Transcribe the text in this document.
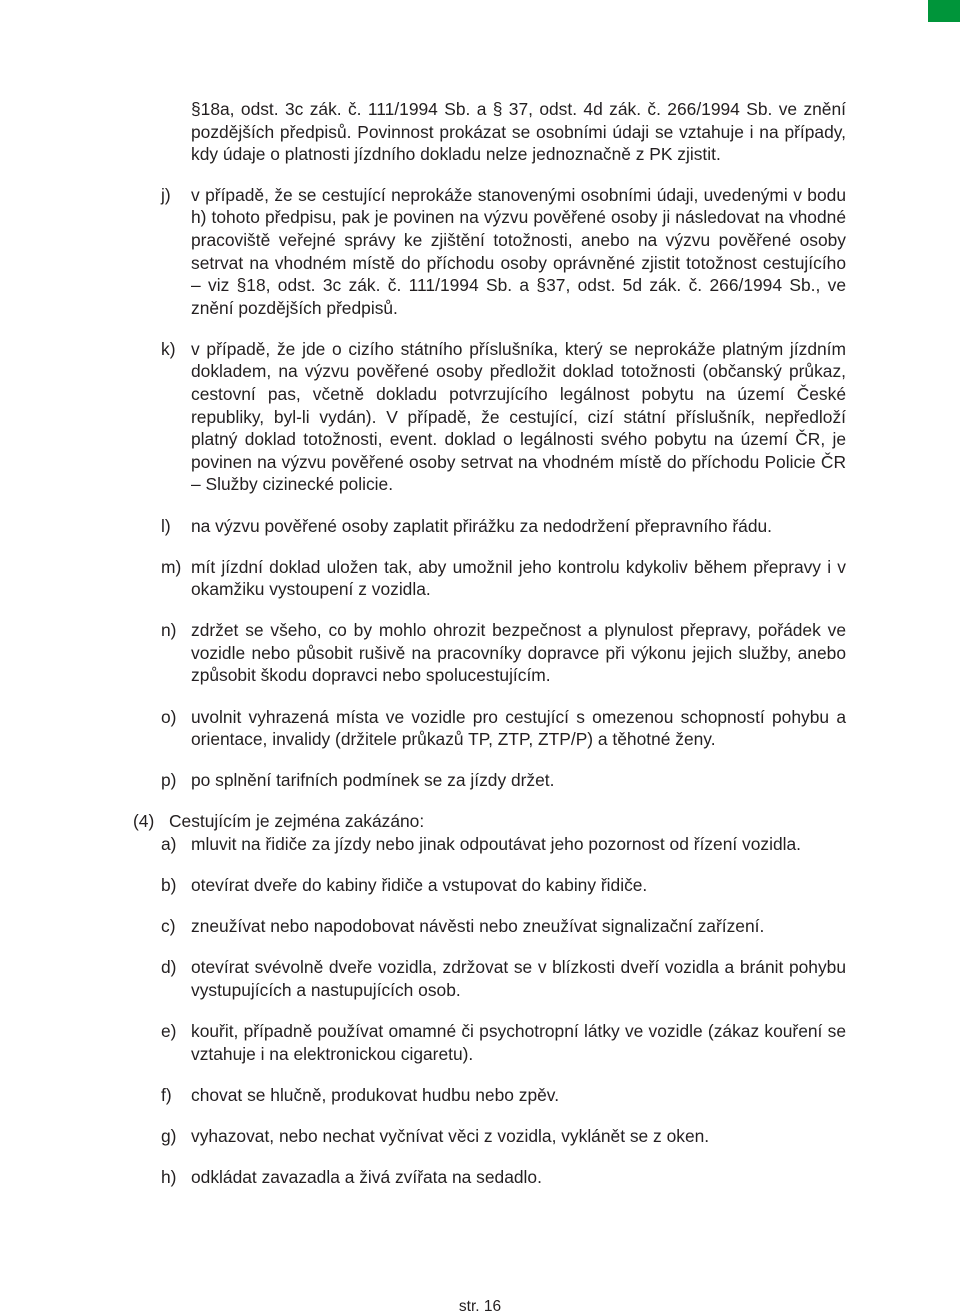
§18a, odst. 3c zák. č. 111/1994 Sb. a § 37, odst. 4d zák. č. 266/1994 Sb. ve znění pozdějších předpisů. Povinnost prokázat se osobními údaji se vztahuje i na případy, kdy údaje o platnosti jízdního dokladu nelze jednoznačně z PK zjistit.

j)	v případě, že se cestující neprokáže stanovenými osobními údaji, uvedenými v bodu h) tohoto předpisu, pak je povinen na výzvu pověřené osoby ji následovat na vhodné pracoviště veřejné správy ke zjištění totožnosti, anebo na výzvu pověřené osoby setrvat na vhodném místě do příchodu osoby oprávněné zjistit totožnost cestujícího – viz §18, odst. 3c zák. č. 111/1994 Sb. a §37, odst. 5d zák. č. 266/1994 Sb., ve znění pozdějších předpisů.
k) v případě, že jde o cizího státního příslušníka, který se neprokáže platným jízdním dokladem, na výzvu pověřené osoby předložit doklad totožnosti (občanský průkaz, cestovní pas, včetně dokladu potvrzujícího legálnost pobytu na území České republiky, byl-li vydán). V případě, že cestující, cizí státní příslušník, nepředloží platný doklad totožnosti, event. doklad o legálnosti svého pobytu na území ČR, je povinen na výzvu pověřené osoby setrvat na vhodném místě do příchodu Policie ČR – Služby cizinecké policie.
l)	na výzvu pověřené osoby zaplatit přirážku za nedodržení přepravního řádu.
m) mít jízdní doklad uložen tak, aby umožnil jeho kontrolu kdykoliv během přepravy i v okamžiku vystoupení z vozidla.
n) zdržet se všeho, co by mohlo ohrozit bezpečnost a plynulost přepravy, pořádek ve vozidle nebo působit rušivě na pracovníky dopravce při výkonu jejich služby, anebo způsobit škodu dopravci nebo spolucestujícím.
o) uvolnit vyhrazená místa ve vozidle pro cestující s omezenou schopností pohybu a orientace, invalidy (držitele průkazů TP, ZTP, ZTP/P) a těhotné ženy.
p) po splnění tarifních podmínek se za jízdy držet.
(4) Cestujícím je zejména zakázáno:
a) mluvit na řidiče za jízdy nebo jinak odpoutávat jeho pozornost od řízení vozidla.
b) otevírat dveře do kabiny řidiče a vstupovat do kabiny řidiče.
c) zneužívat nebo napodobovat návěsti nebo zneužívat signalizační zařízení.
d) otevírat svévolně dveře vozidla, zdržovat se v blízkosti dveří vozidla a bránit pohybu vystupujících a nastupujících osob.
e) kouřit, případně používat omamné či psychotropní látky ve vozidle (zákaz kouření se vztahuje i na elektronickou cigaretu).
f)	chovat se hlučně, produkovat hudbu nebo zpěv.
g) vyhazovat, nebo nechat vyčnívat věci z vozidla, vyklánět se z oken.
h) odkládat zavazadla a živá zvířata na sedadlo.
str. 16
